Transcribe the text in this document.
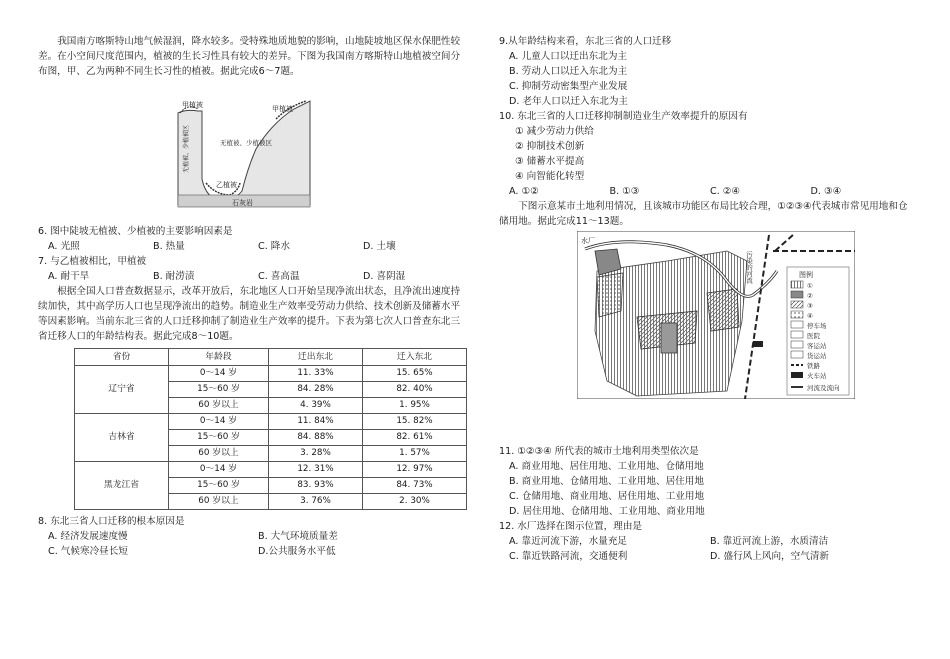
我国南方喀斯特山地气候湿润，降水较多。受特殊地质地貌的影响，山地陡坡地区保水保肥性较差。在小空间尺度范围内，植被的生长习性具有较大的差异。下图为我国南方喀斯特山地植被空间分布图，甲、乙为两种不同生长习性的植被。据此完成6～7题。

甲植被
无植被、少植被区
乙植被
石灰岩
甲植被
无植被、少植被区

6. 图中陡坡无植被、少植被的主要影响因素是

A. 光照	B. 热量	C. 降水	D. 土壤

7. 与乙植被相比，甲植被

A. 耐干旱	B. 耐涝渍	C. 喜高温	D. 喜阴湿

根据全国人口普查数据显示，改革开放后，东北地区人口开始呈现净流出状态，且净流出速度持续加快，其中高学历人口也呈现净流出的趋势。制造业生产效率受劳动力供给、技术创新及储蓄水平等因素影响。当前东北三省的人口迁移抑制了制造业生产效率的提升。下表为第七次人口普查东北三省迁移人口的年龄结构表。据此完成8～10题。

省份	年龄段	迁出东北	迁入东北
辽宁省	0～14 岁	11. 33%	15. 65%
	15～60 岁	84. 28%	82. 40%
	60 岁以上	4. 39%	1. 95%
吉林省	0～14 岁	11. 84%	15. 82%
	15～60 岁	84. 88%	82. 61%
	60 岁以上	3. 28%	1. 57%
黑龙江省	0～14 岁	12. 31%	12. 97%
	15～60 岁	83. 93%	84. 73%
	60 岁以上	3. 76%	2. 30%

8. 东北三省人口迁移的根本原因是

A. 经济发展速度慢	B. 大气环境质量差
C. 气候寒冷昼长短	D.公共服务水平低

9.从年龄结构来看，东北三省的人口迁移

A. 儿童人口以迁出东北为主
B. 劳动人口以迁入东北为主
C. 抑制劳动密集型产业发展
D. 老年人口以迁入东北为主

10. 东北三省的人口迁移抑制制造业生产效率提升的原因有

① 减少劳动力供给
② 抑制技术创新
③ 储蓄水平提高
④ 向智能化转型
A. ①②	B. ①③	C. ②④	D. ③④

下图示意某市土地利用情况，且该城市功能区布局比较合理，①②③④代表城市常见用地和仓储用地。据此完成11～13题。

水厂
污染的河流	图例
①
②
③
④
停车场
医院
客运站
货运站
铁路
火车站
河流及流向

11. ①②③④ 所代表的城市土地利用类型依次是

A. 商业用地、居住用地、工业用地、仓储用地
B. 商业用地、仓储用地、工业用地、居住用地
C. 仓储用地、商业用地、居住用地、工业用地
D. 居住用地、仓储用地、工业用地、商业用地

12. 水厂选择在图示位置，理由是

A. 靠近河流下游，水量充足	B. 靠近河流上游，水质清洁
C. 靠近铁路河流，交通便利	D. 盛行风上风向，空气清新
